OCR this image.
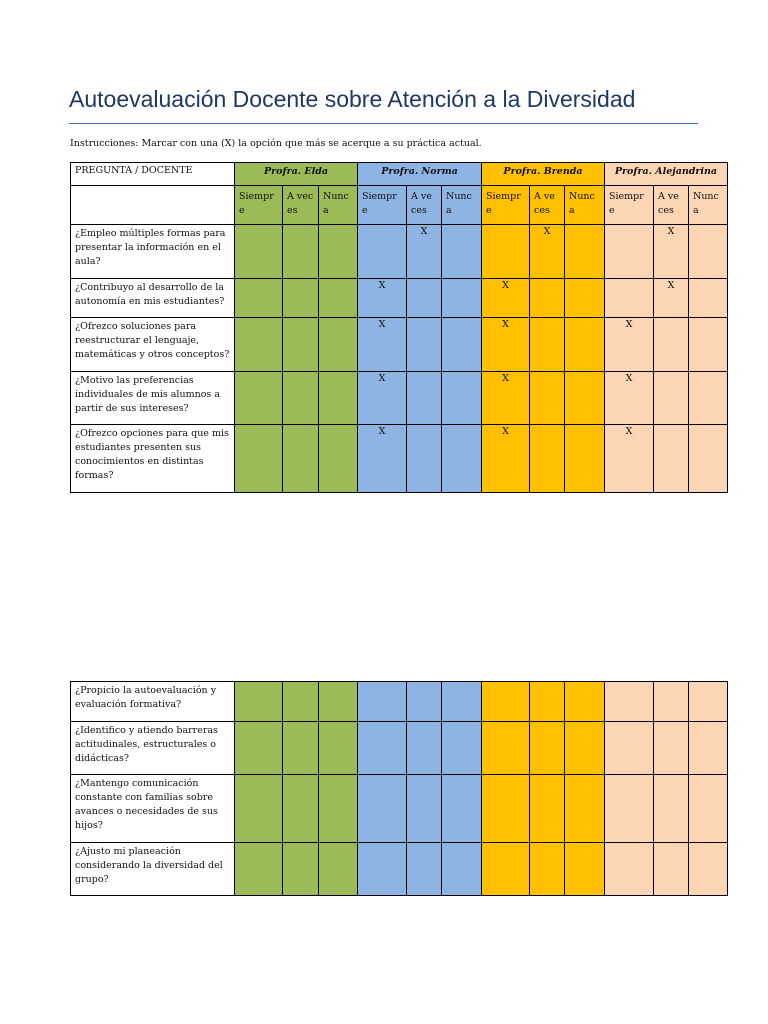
Autoevaluación Docente sobre Atención a la Diversidad
Instrucciones: Marcar con una (X) la opción que más se acerque a su práctica actual.
PREGUNTA / DOCENTE	Profra. Elda			Profra. Norma			Profra. Brenda			Profra. Alejandrina		
	Siempre	A veces	Nunca	Siempre	A veces	Nunca	Siempre	A veces	Nunca	Siempre	A veces	Nunca
¿Empleo múltiples formas para presentar la información en el aula?					X			X			X	
¿Contribuyo al desarrollo de la autonomía en mis estudiantes?				X			X				X	
¿Ofrezco soluciones para reestructurar el lenguaje, matemáticas y otros conceptos?				X			X			X		
¿Motivo las preferencias individuales de mis alumnos a partir de sus intereses?				X			X			X		
¿Ofrezco opciones para que mis estudiantes presenten sus conocimientos en distintas formas?				X			X			X		
¿Propicio la autoevaluación y evaluación formativa?												
¿Identifico y atiendo barreras actitudinales, estructurales o didácticas?												
¿Mantengo comunicación constante con familias sobre avances o necesidades de sus hijos?												
¿Ajusto mi planeación considerando la diversidad del grupo?												
